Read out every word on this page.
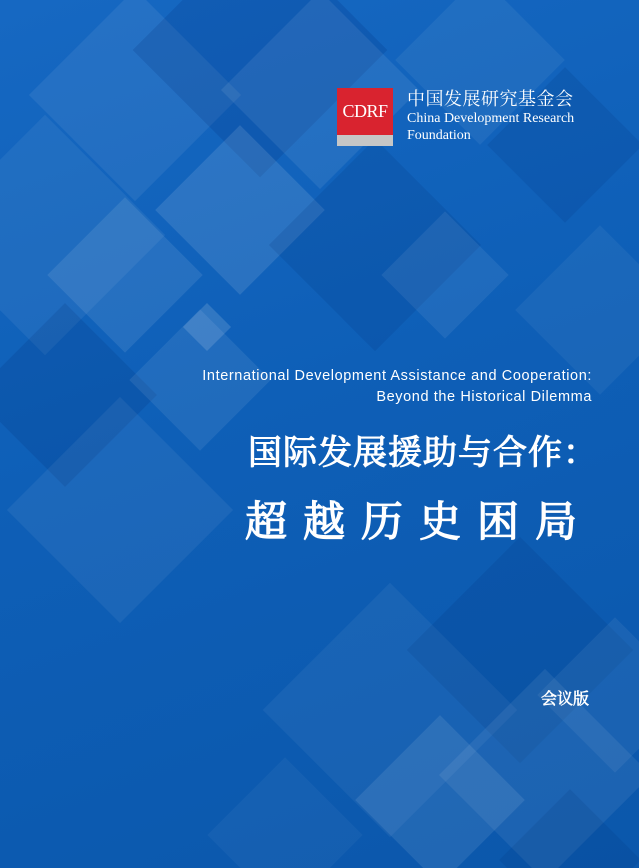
CDRF
中国发展研究基金会
China Development Research
Foundation
International Development Assistance and Cooperation:
Beyond the Historical Dilemma
国际发展援助与合作：
超越历史困局
会议版
